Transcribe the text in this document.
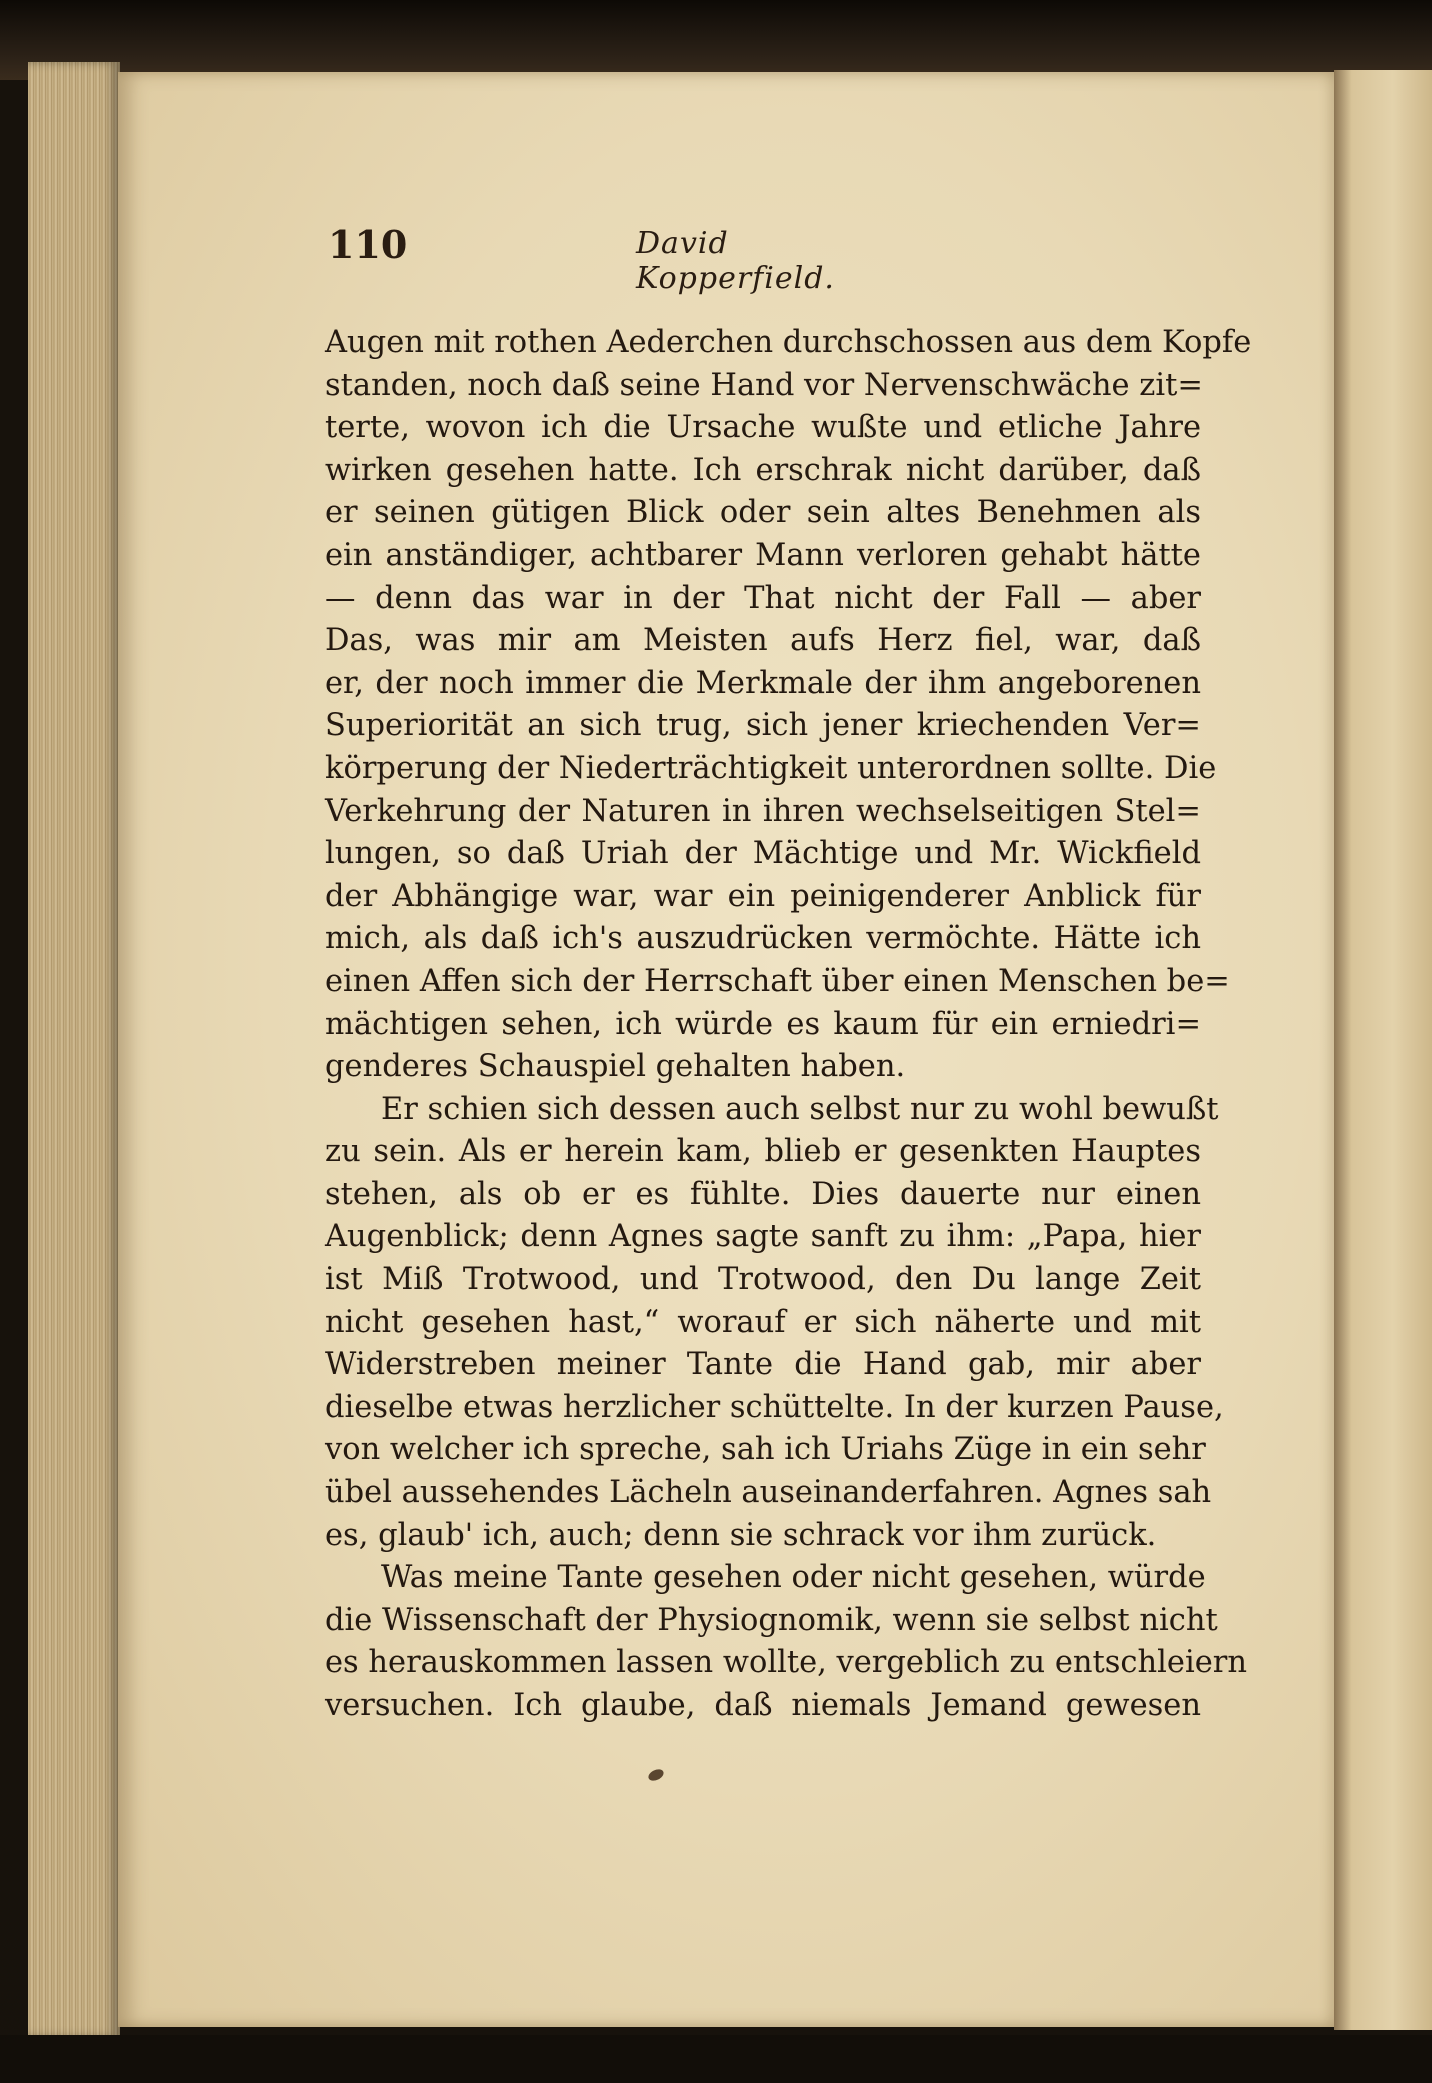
110	David Kopperfield.
Augen mit rothen Aederchen durchschossen aus dem Kopfe
standen, noch daß seine Hand vor Nervenschwäche zit=
terte, wovon ich die Ursache wußte und etliche Jahre
wirken gesehen hatte. Ich erschrak nicht darüber, daß
er seinen gütigen Blick oder sein altes Benehmen als
ein anständiger, achtbarer Mann verloren gehabt hätte
— denn das war in der That nicht der Fall — aber
Das, was mir am Meisten aufs Herz fiel, war, daß
er, der noch immer die Merkmale der ihm angeborenen
Superiorität an sich trug, sich jener kriechenden Ver=
körperung der Niederträchtigkeit unterordnen sollte. Die
Verkehrung der Naturen in ihren wechselseitigen Stel=
lungen, so daß Uriah der Mächtige und Mr. Wickfield
der Abhängige war, war ein peinigenderer Anblick für
mich, als daß ich's auszudrücken vermöchte. Hätte ich
einen Affen sich der Herrschaft über einen Menschen be=
mächtigen sehen, ich würde es kaum für ein erniedri=
genderes Schauspiel gehalten haben.
Er schien sich dessen auch selbst nur zu wohl bewußt
zu sein. Als er herein kam, blieb er gesenkten Hauptes
stehen, als ob er es fühlte. Dies dauerte nur einen
Augenblick; denn Agnes sagte sanft zu ihm: „Papa, hier
ist Miß Trotwood, und Trotwood, den Du lange Zeit
nicht gesehen hast,“ worauf er sich näherte und mit
Widerstreben meiner Tante die Hand gab, mir aber
dieselbe etwas herzlicher schüttelte. In der kurzen Pause,
von welcher ich spreche, sah ich Uriahs Züge in ein sehr
übel aussehendes Lächeln auseinanderfahren. Agnes sah
es, glaub' ich, auch; denn sie schrack vor ihm zurück.
Was meine Tante gesehen oder nicht gesehen, würde
die Wissenschaft der Physiognomik, wenn sie selbst nicht
es herauskommen lassen wollte, vergeblich zu entschleiern
versuchen. Ich glaube, daß niemals Jemand gewesen
